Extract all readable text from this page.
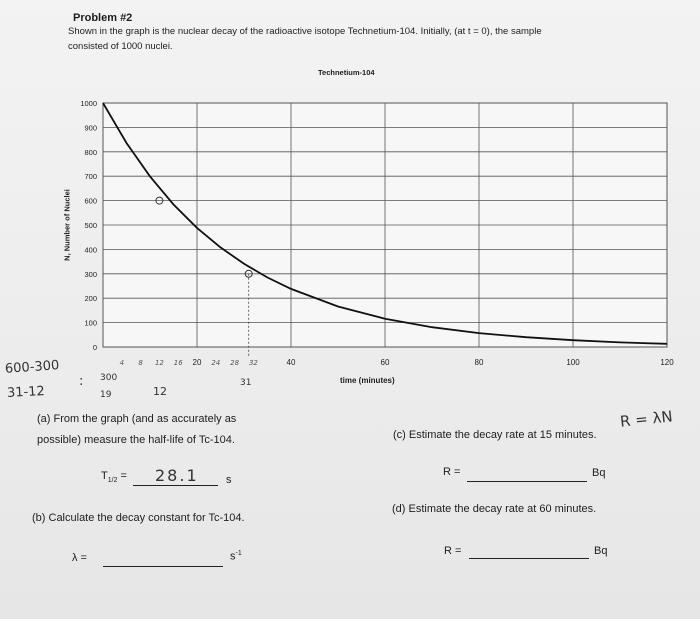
Problem #2
Shown in the graph is the nuclear decay of the radioactive isotope Technetium-104. Initially, (at t = 0), the sample
consisted of 1000 nuclei.
Technetium-104
N, Number of Nuclei
time (minutes)
0
100
200
300
400
500
600
700
800
900
1000
20	40	60	80	100	120
4 8 12 16	24 28 32
600-300
31-12
: 300
19	12
31
R = λN
(a) From the graph (and as accurately as
possible) measure the half-life of Tc-104.
$T_{1/2} = 28.1$ s
(b) Calculate the decay constant for Tc-104.
λ =	$s^{-1}$
(c) Estimate the decay rate at 15 minutes.
R =	Bq
(d) Estimate the decay rate at 60 minutes.
R =	Bq
